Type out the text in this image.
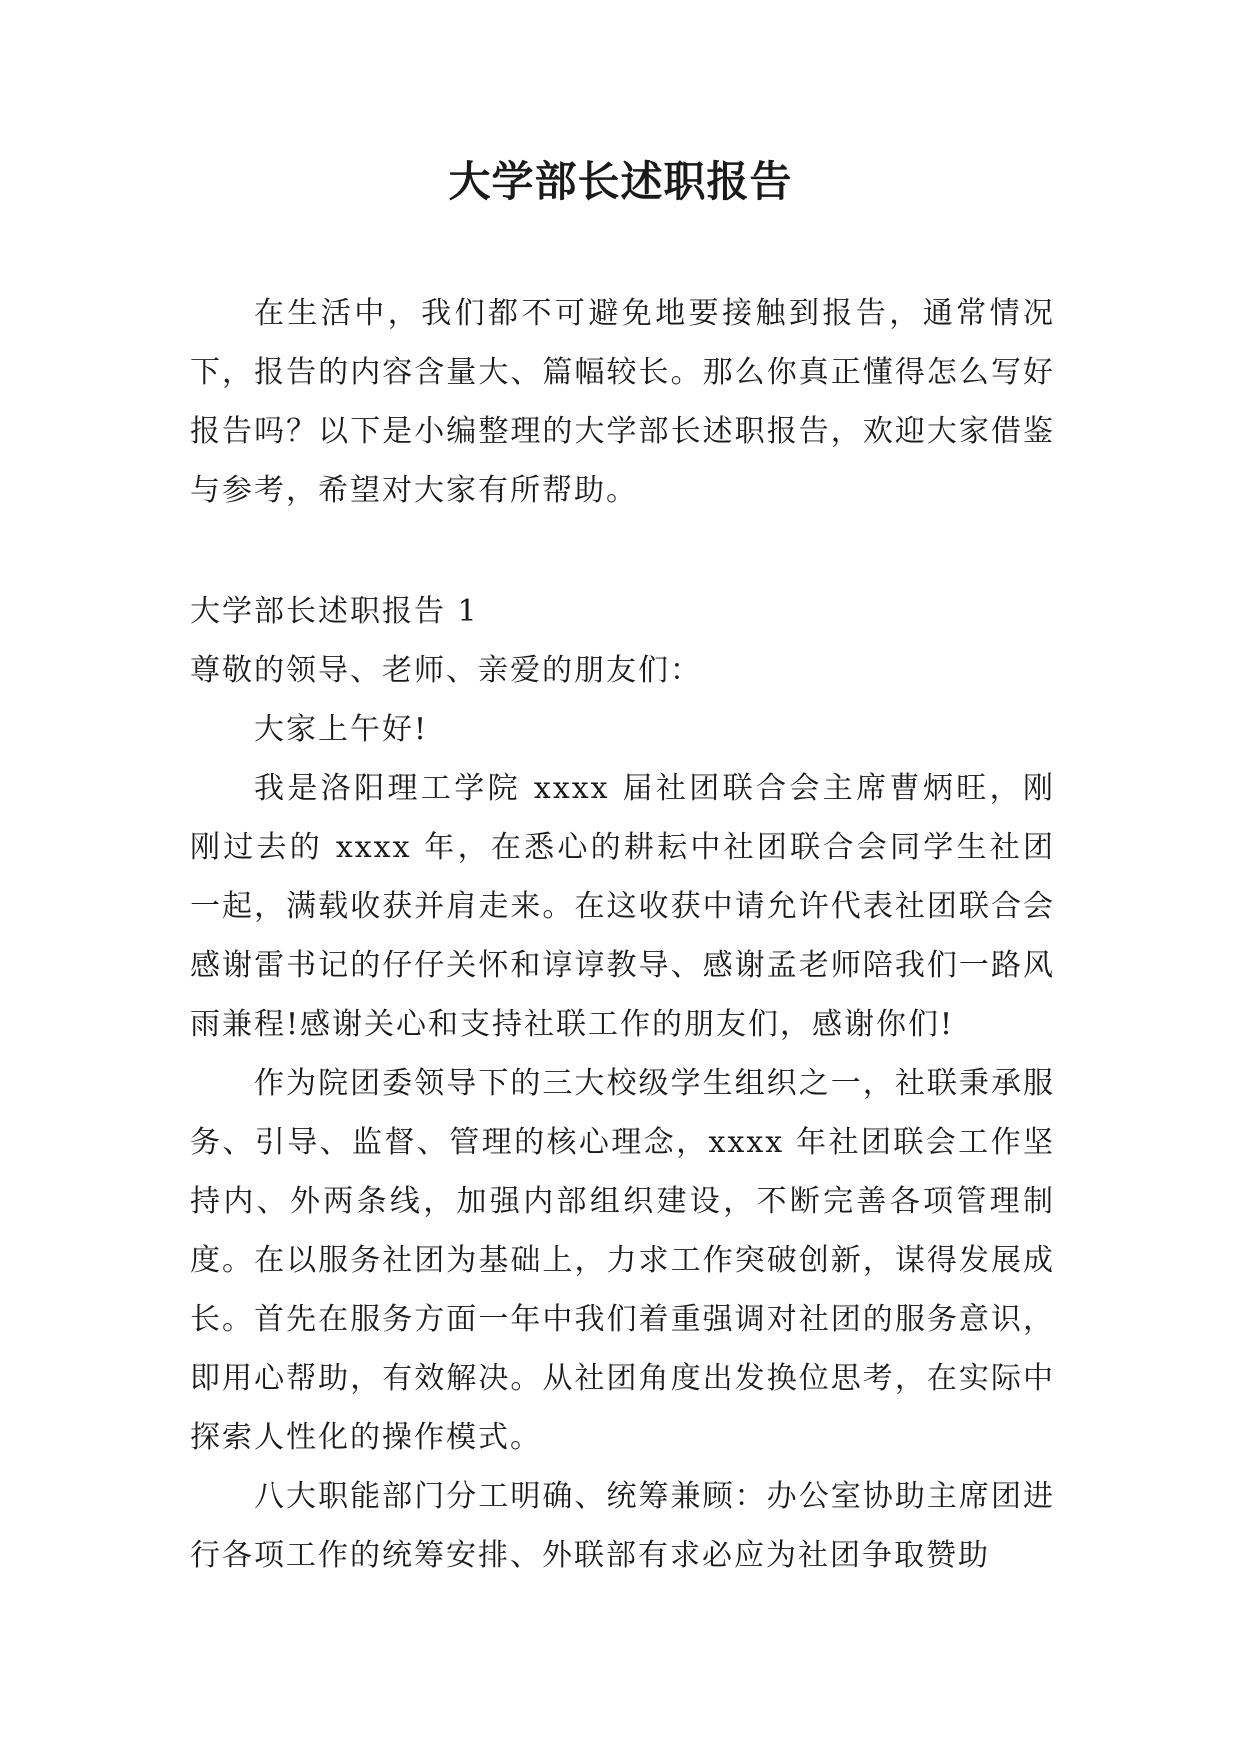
大学部长述职报告

在生活中，我们都不可避免地要接触到报告，通常情况下，报告的内容含量大、篇幅较长。那么你真正懂得怎么写好报告吗？以下是小编整理的大学部长述职报告，欢迎大家借鉴与参考，希望对大家有所帮助。

大学部长述职报告 1

尊敬的领导、老师、亲爱的朋友们：

大家上午好!

我是洛阳理工学院 xxxx 届社团联合会主席曹炳旺，刚刚过去的 xxxx 年，在悉心的耕耘中社团联合会同学生社团一起，满载收获并肩走来。在这收获中请允许代表社团联合会感谢雷书记的仔仔关怀和谆谆教导、感谢孟老师陪我们一路风雨兼程!感谢关心和支持社联工作的朋友们，感谢你们!

作为院团委领导下的三大校级学生组织之一，社联秉承服务、引导、监督、管理的核心理念，xxxx 年社团联会工作坚持内、外两条线，加强内部组织建设，不断完善各项管理制度。在以服务社团为基础上，力求工作突破创新，谋得发展成长。首先在服务方面一年中我们着重强调对社团的服务意识，即用心帮助，有效解决。从社团角度出发换位思考，在实际中探索人性化的操作模式。

八大职能部门分工明确、统筹兼顾：办公室协助主席团进行各项工作的统筹安排、外联部有求必应为社团争取赞助
